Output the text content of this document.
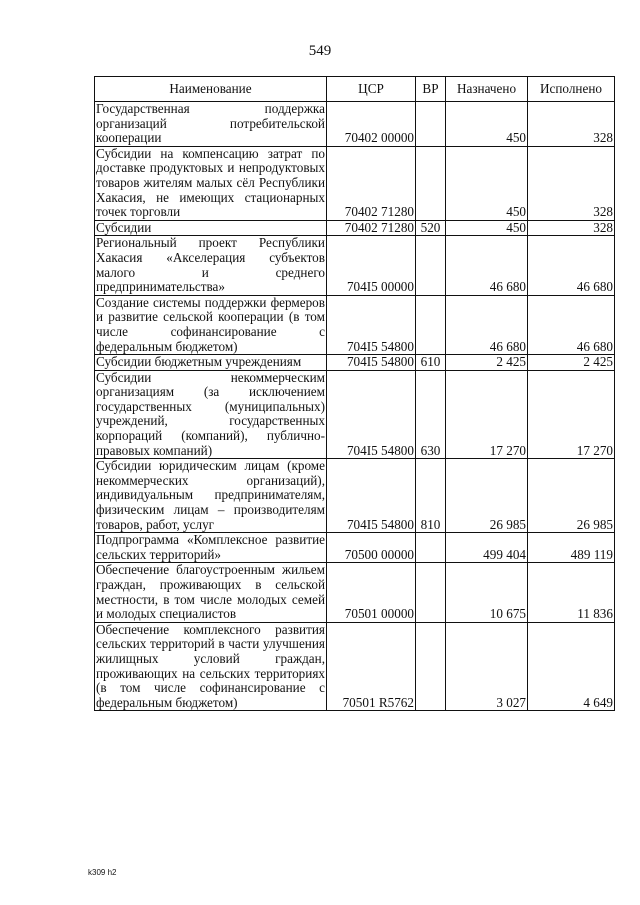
549
Наименование	ЦСР	ВР	Назначено	Исполнено
Государственная поддержка организаций потребительской кооперации	70402 00000		450	328
Субсидии на компенсацию затрат по доставке продуктовых и непродуктовых товаров жителям малых сёл Республики Хакасия, не имеющих стационарных точек торговли	70402 71280		450	328
Субсидии	70402 71280	520	450	328
Региональный проект Республики Хакасия «Акселерация субъектов малого и среднего предпринимательства»	704I5 00000		46 680	46 680
Создание системы поддержки фермеров и развитие сельской кооперации (в том числе софинансирование с федеральным бюджетом)	704I5 54800		46 680	46 680
Субсидии бюджетным учреждениям	704I5 54800	610	2 425	2 425
Субсидии некоммерческим организациям (за исключением государственных (муниципальных) учреждений, государственных корпораций (компаний), публично-правовых компаний)	704I5 54800	630	17 270	17 270
Субсидии юридическим лицам (кроме некоммерческих организаций), индивидуальным предпринимателям, физическим лицам – производителям товаров, работ, услуг	704I5 54800	810	26 985	26 985
Подпрограмма «Комплексное развитие сельских территорий»	70500 00000		499 404	489 119
Обеспечение благоустроенным жильем граждан, проживающих в сельской местности, в том числе молодых семей и молодых специалистов	70501 00000		10 675	11 836
Обеспечение комплексного развития сельских территорий в части улучшения жилищных условий граждан, проживающих на сельских территориях (в том числе софинансирование с федеральным бюджетом)	70501 R5762		3 027	4 649
k309 h2
